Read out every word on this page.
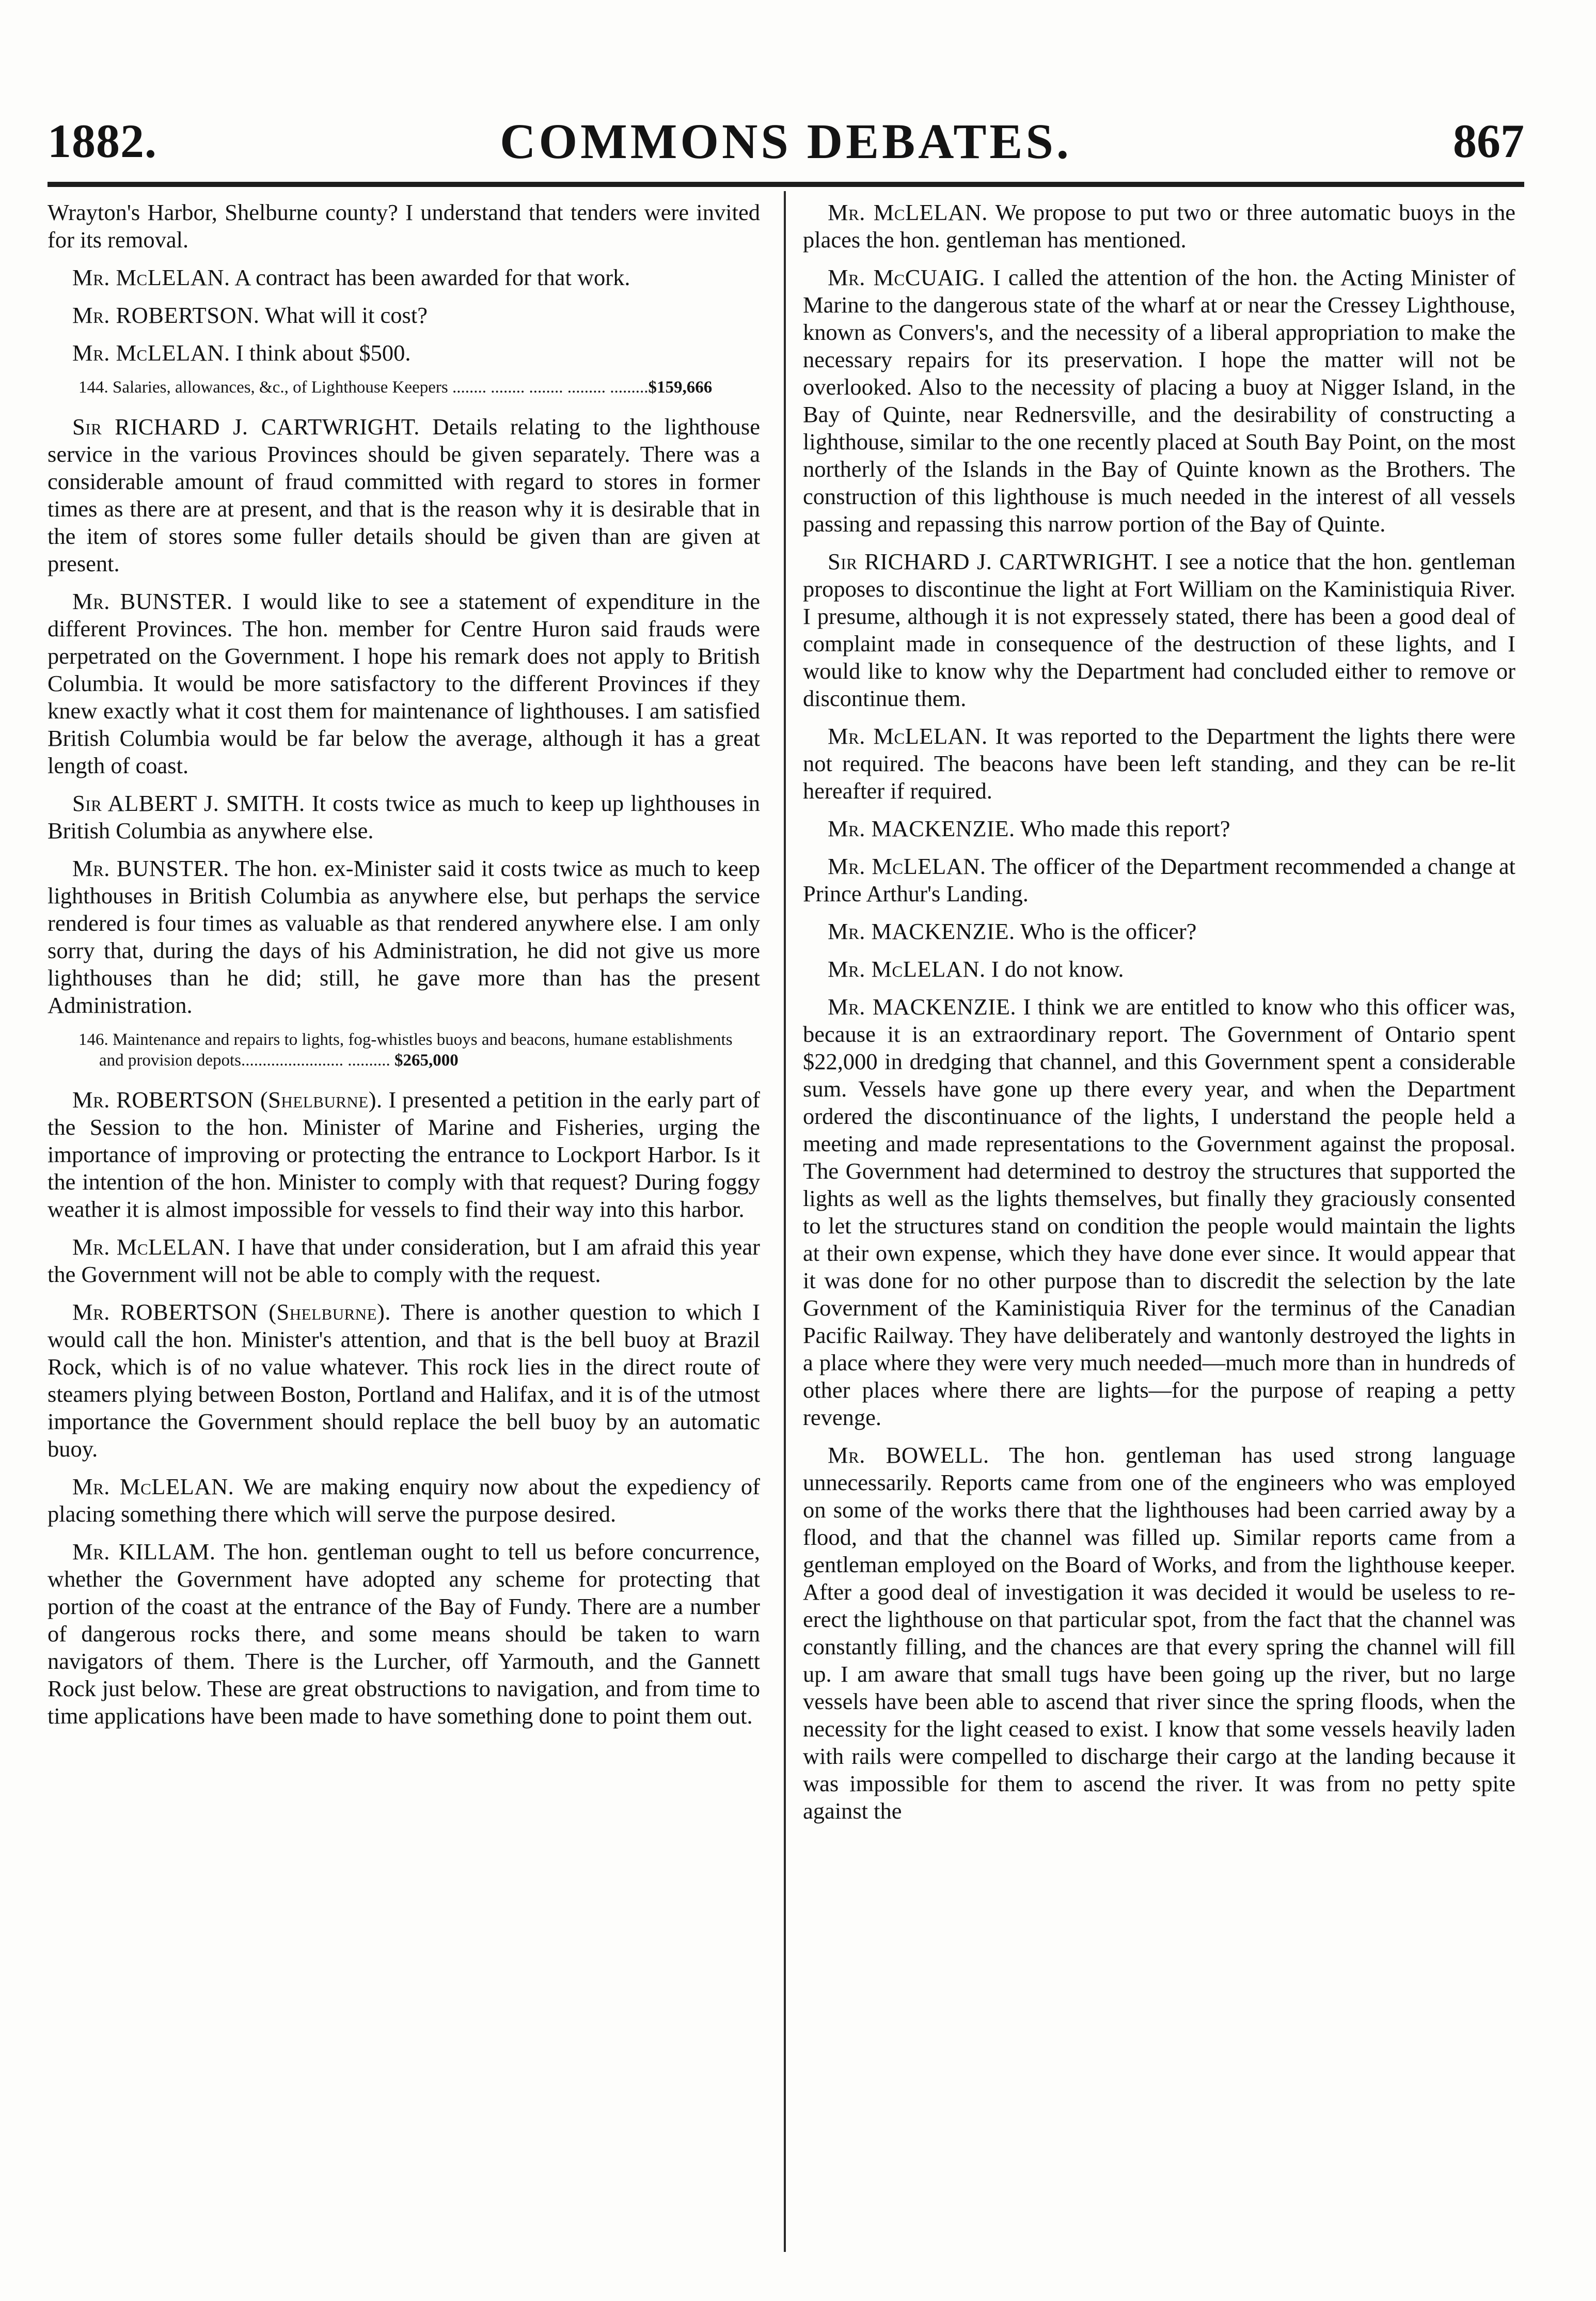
1882.	COMMONS DEBATES.	867

Wrayton's Harbor, Shelburne county? I understand that tenders were invited for its removal.

Mr. McLELAN. A contract has been awarded for that work.

Mr. ROBERTSON. What will it cost?

Mr. McLELAN. I think about $500.

144. Salaries, allowances, &c., of Lighthouse Keepers ........ ........ ........ ......... .........$159,666

Sir RICHARD J. CARTWRIGHT. Details relating to the lighthouse service in the various Provinces should be given separately. There was a considerable amount of fraud committed with regard to stores in former times as there are at present, and that is the reason why it is desirable that in the item of stores some fuller details should be given than are given at present.

Mr. BUNSTER. I would like to see a statement of expenditure in the different Provinces. The hon. member for Centre Huron said frauds were perpetrated on the Government. I hope his remark does not apply to British Columbia. It would be more satisfactory to the different Provinces if they knew exactly what it cost them for maintenance of lighthouses. I am satisfied British Columbia would be far below the average, although it has a great length of coast.

Sir ALBERT J. SMITH. It costs twice as much to keep up lighthouses in British Columbia as anywhere else.

Mr. BUNSTER. The hon. ex-Minister said it costs twice as much to keep lighthouses in British Columbia as anywhere else, but perhaps the service rendered is four times as valuable as that rendered anywhere else. I am only sorry that, during the days of his Administration, he did not give us more lighthouses than he did; still, he gave more than has the present Administration.

146. Maintenance and repairs to lights, fog-whistles buoys and beacons, humane establishments and provision depots........................ .......... $265,000

Mr. ROBERTSON (Shelburne). I presented a petition in the early part of the Session to the hon. Minister of Marine and Fisheries, urging the importance of improving or protecting the entrance to Lockport Harbor. Is it the intention of the hon. Minister to comply with that request? During foggy weather it is almost impossible for vessels to find their way into this harbor.

Mr. McLELAN. I have that under consideration, but I am afraid this year the Government will not be able to comply with the request.

Mr. ROBERTSON (Shelburne). There is another question to which I would call the hon. Minister's attention, and that is the bell buoy at Brazil Rock, which is of no value whatever. This rock lies in the direct route of steamers plying between Boston, Portland and Halifax, and it is of the utmost importance the Government should replace the bell buoy by an automatic buoy.

Mr. McLELAN. We are making enquiry now about the expediency of placing something there which will serve the purpose desired.

Mr. KILLAM. The hon. gentleman ought to tell us before concurrence, whether the Government have adopted any scheme for protecting that portion of the coast at the entrance of the Bay of Fundy. There are a number of dangerous rocks there, and some means should be taken to warn navigators of them. There is the Lurcher, off Yarmouth, and the Gannett Rock just below. These are great obstructions to navigation, and from time to time applications have been made to have something done to point them out.

Mr. McLELAN. We propose to put two or three automatic buoys in the places the hon. gentleman has mentioned.

Mr. McCUAIG. I called the attention of the hon. the Acting Minister of Marine to the dangerous state of the wharf at or near the Cressey Lighthouse, known as Convers's, and the necessity of a liberal appropriation to make the necessary repairs for its preservation. I hope the matter will not be overlooked. Also to the necessity of placing a buoy at Nigger Island, in the Bay of Quinte, near Rednersville, and the desirability of constructing a lighthouse, similar to the one recently placed at South Bay Point, on the most northerly of the Islands in the Bay of Quinte known as the Brothers. The construction of this lighthouse is much needed in the interest of all vessels passing and repassing this narrow portion of the Bay of Quinte.

Sir RICHARD J. CARTWRIGHT. I see a notice that the hon. gentleman proposes to discontinue the light at Fort William on the Kaministiquia River. I presume, although it is not expressely stated, there has been a good deal of complaint made in consequence of the destruction of these lights, and I would like to know why the Department had concluded either to remove or discontinue them.

Mr. McLELAN. It was reported to the Department the lights there were not required. The beacons have been left standing, and they can be re-lit hereafter if required.

Mr. MACKENZIE. Who made this report?

Mr. McLELAN. The officer of the Department recommended a change at Prince Arthur's Landing.

Mr. MACKENZIE. Who is the officer?

Mr. McLELAN. I do not know.

Mr. MACKENZIE. I think we are entitled to know who this officer was, because it is an extraordinary report. The Government of Ontario spent $22,000 in dredging that channel, and this Government spent a considerable sum. Vessels have gone up there every year, and when the Department ordered the discontinuance of the lights, I understand the people held a meeting and made representations to the Government against the proposal. The Government had determined to destroy the structures that supported the lights as well as the lights themselves, but finally they graciously consented to let the structures stand on condition the people would maintain the lights at their own expense, which they have done ever since. It would appear that it was done for no other purpose than to discredit the selection by the late Government of the Kaministiquia River for the terminus of the Canadian Pacific Railway. They have deliberately and wantonly destroyed the lights in a place where they were very much needed—much more than in hundreds of other places where there are lights—for the purpose of reaping a petty revenge.

Mr. BOWELL. The hon. gentleman has used strong language unnecessarily. Reports came from one of the engineers who was employed on some of the works there that the lighthouses had been carried away by a flood, and that the channel was filled up. Similar reports came from a gentleman employed on the Board of Works, and from the lighthouse keeper. After a good deal of investigation it was decided it would be useless to re-erect the lighthouse on that particular spot, from the fact that the channel was constantly filling, and the chances are that every spring the channel will fill up. I am aware that small tugs have been going up the river, but no large vessels have been able to ascend that river since the spring floods, when the necessity for the light ceased to exist. I know that some vessels heavily laden with rails were compelled to discharge their cargo at the landing because it was impossible for them to ascend the river. It was from no petty spite against the
